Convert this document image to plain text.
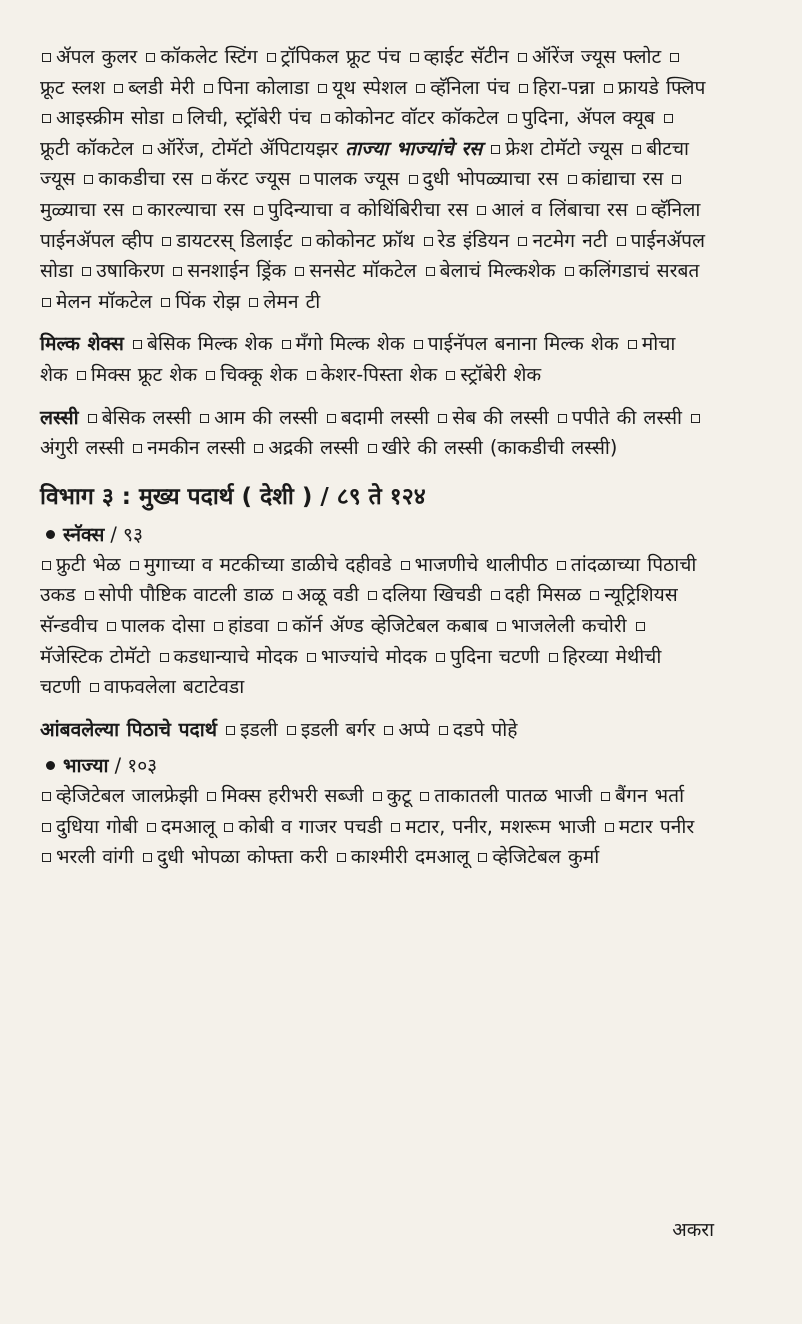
ॲपल कुलर कॉकलेट स्टिंग ट्रॉपिकल फ्रूट पंच व्हाईट सॅटीन ऑरेंज ज्यूस फ्लोट फ्रूट स्लश ब्लडी मेरी पिना कोलाडा यूथ स्पेशल व्हॅनिला पंच हिरा-पन्ना फ्रायडे फ्लिप आइस्क्रीम सोडा लिची, स्ट्रॉबेरी पंच कोकोनट वॉटर कॉकटेल पुदिना, ॲपल क्यूब फ्रूटी कॉकटेल ऑरेंज, टोमॅटो ॲपिटायझर ताज्या भाज्यांचे रस फ्रेश टोमॅटो ज्यूस बीटचा ज्यूस काकडीचा रस कॅरट ज्यूस पालक ज्यूस दुधी भोपळ्याचा रस कांद्याचा रस मुळ्याचा रस कारल्याचा रस पुदिन्याचा व कोथिंबिरीचा रस आलं व लिंबाचा रस व्हॅनिला पाईनॲपल व्हीप डायटरस् डिलाईट कोकोनट फ्रॉथ रेड इंडियन नटमेग नटी पाईनॲपल सोडा उषाकिरण सनशाईन ड्रिंक सनसेट मॉकटेल बेलाचं मिल्कशेक कलिंगडाचं सरबत मेलन मॉकटेल पिंक रोझ लेमन टी

मिल्क शेक्स बेसिक मिल्क शेक मँगो मिल्क शेक पाईनॅपल बनाना मिल्क शेक मोचा शेक मिक्स फ्रूट शेक चिक्कू शेक केशर-पिस्ता शेक स्ट्रॉबेरी शेक

लस्सी बेसिक लस्सी आम की लस्सी बदामी लस्सी सेब की लस्सी पपीते की लस्सी अंगुरी लस्सी नमकीन लस्सी अद्रकी लस्सी खीरे की लस्सी (काकडीची लस्सी)

विभाग ३ : मुख्य पदार्थ ( देशी ) / ८९ ते १२४

स्नॅक्स / ९३

फ्रुटी भेळ मुगाच्या व मटकीच्या डाळीचे दहीवडे भाजणीचे थालीपीठ तांदळाच्या पिठाची उकड सोपी पौष्टिक वाटली डाळ अळू वडी दलिया खिचडी दही मिसळ न्यूट्रिशियस सॅन्डवीच पालक दोसा हांडवा कॉर्न ॲण्ड व्हेजिटेबल कबाब भाजलेली कचोरी मॅजेस्टिक टोमॅटो कडधान्याचे मोदक भाज्यांचे मोदक पुदिना चटणी हिरव्या मेथीची चटणी वाफवलेला बटाटेवडा

आंबवलेल्या पिठाचे पदार्थ इडली इडली बर्गर अप्पे दडपे पोहे

भाज्या / १०३

व्हेजिटेबल जालफ्रेझी मिक्स हरीभरी सब्जी कुटू ताकातली पातळ भाजी बैंगन भर्ता दुधिया गोबी दमआलू कोबी व गाजर पचडी मटार, पनीर, मशरूम भाजी मटार पनीर भरली वांगी दुधी भोपळा कोफ्ता करी काश्मीरी दमआलू व्हेजिटेबल कुर्मा

अकरा
